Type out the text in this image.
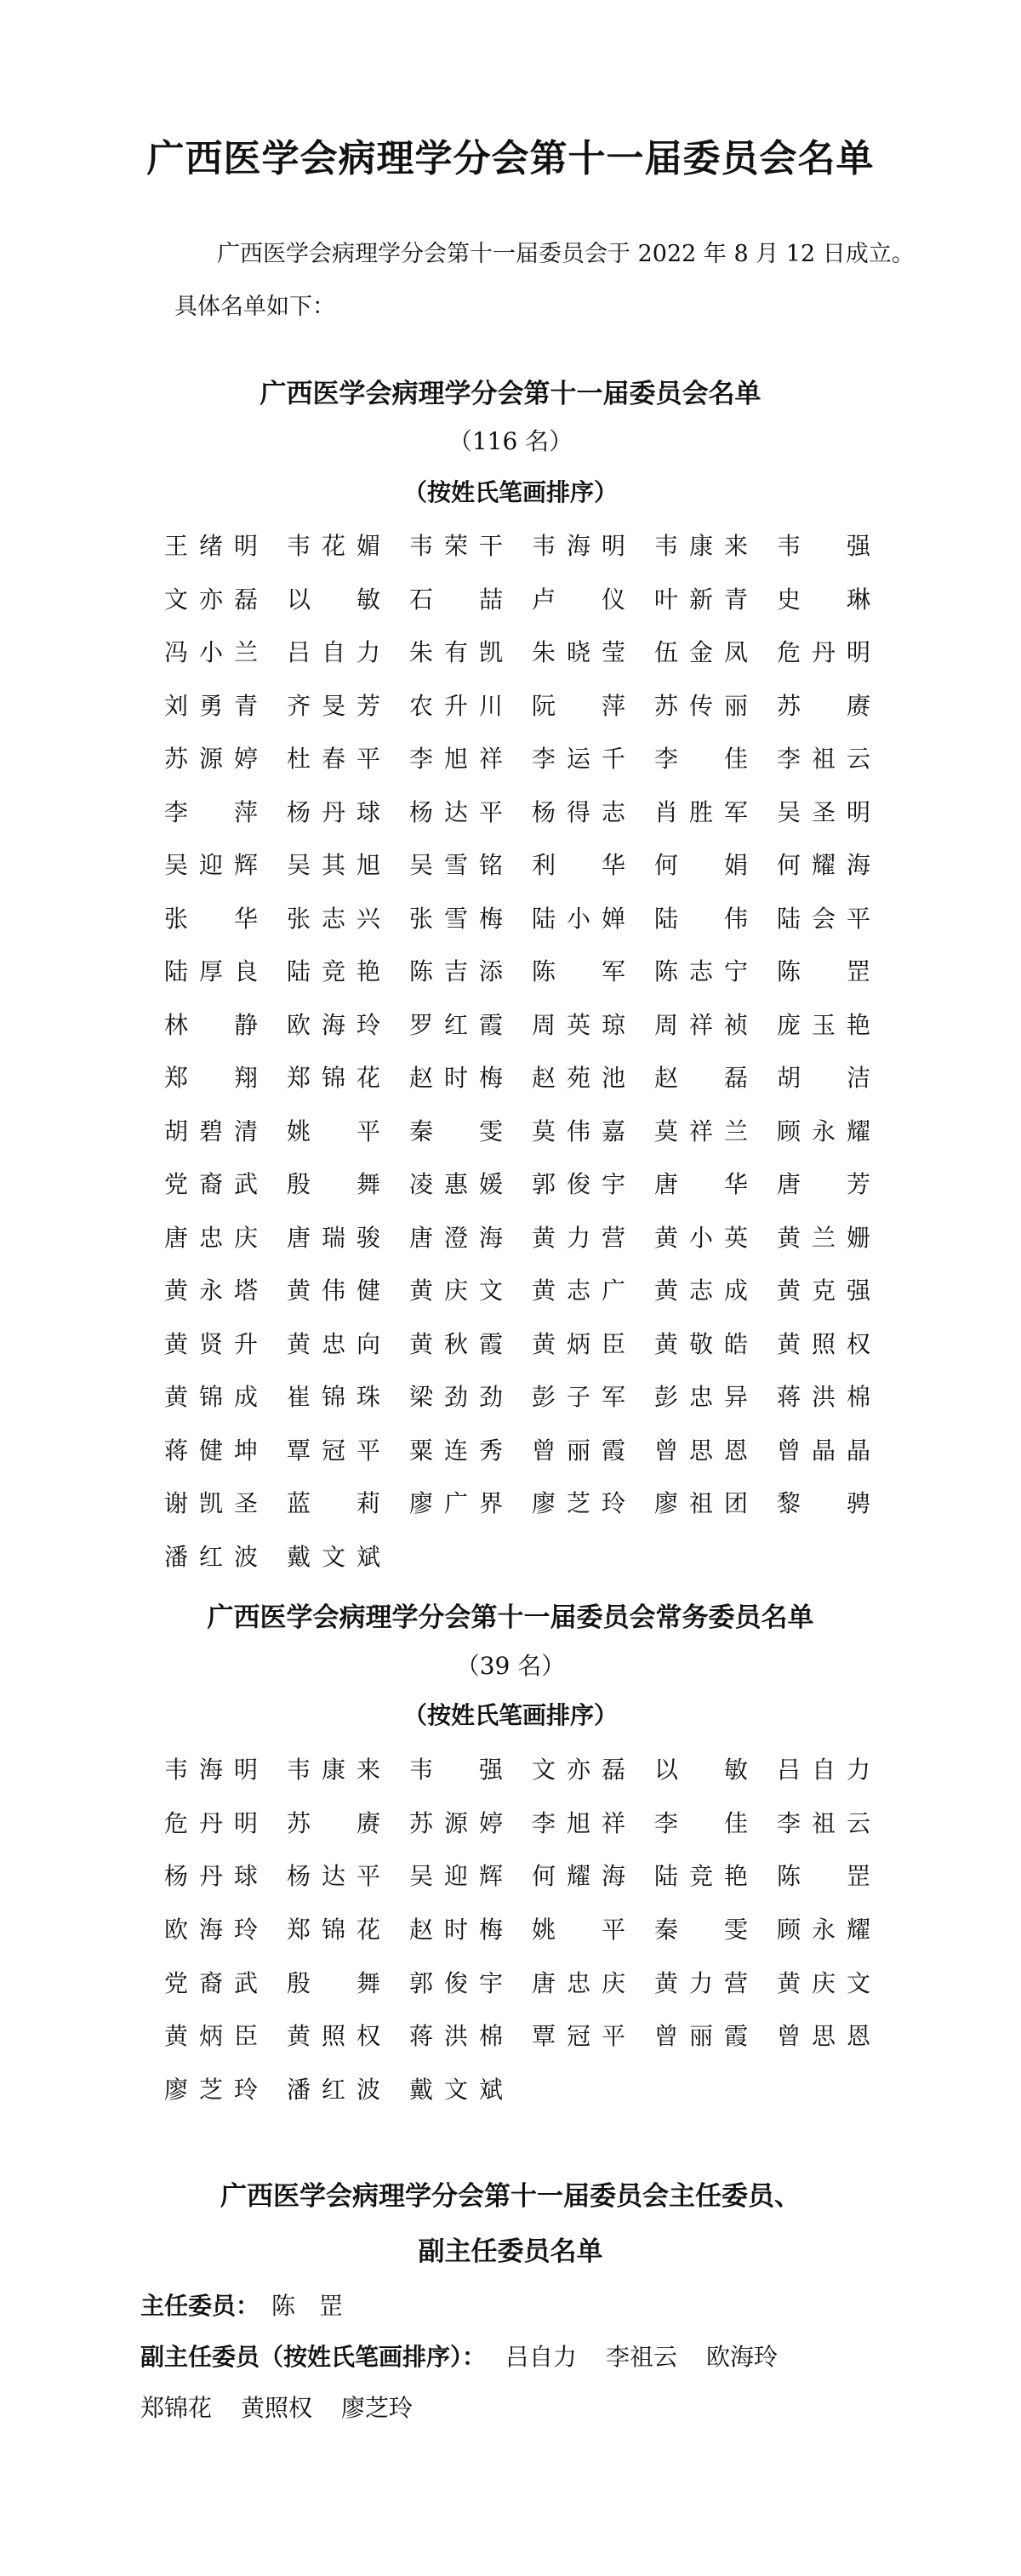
广西医学会病理学分会第十一届委员会名单
广西医学会病理学分会第十一届委员会于 2022 年 8 月 12 日成立。具体名单如下：
广西医学会病理学分会第十一届委员会名单
（116 名）
（按姓氏笔画排序）
王绪明 韦花媚 韦荣干 韦海明 韦康来 韦　强
文亦磊 以　敏 石　喆 卢　仪 叶新青 史　琳
冯小兰 吕自力 朱有凯 朱晓莹 伍金凤 危丹明
刘勇青 齐旻芳 农升川 阮　萍 苏传丽 苏　赓
苏源婷 杜春平 李旭祥 李运千 李　佳 李祖云
李　萍 杨丹球 杨达平 杨得志 肖胜军 吴圣明
吴迎辉 吴其旭 吴雪铭 利　华 何　娟 何耀海
张　华 张志兴 张雪梅 陆小婵 陆　伟 陆会平
陆厚良 陆竞艳 陈吉添 陈　军 陈志宁 陈　罡
林　静 欧海玲 罗红霞 周英琼 周祥祯 庞玉艳
郑　翔 郑锦花 赵时梅 赵苑池 赵　磊 胡　洁
胡碧清 姚　平 秦　雯 莫伟嘉 莫祥兰 顾永耀
党裔武 殷　舞 凌惠媛 郭俊宇 唐　华 唐　芳
唐忠庆 唐瑞骏 唐澄海 黄力营 黄小英 黄兰姗
黄永塔 黄伟健 黄庆文 黄志广 黄志成 黄克强
黄贤升 黄忠向 黄秋霞 黄炳臣 黄敬皓 黄照权
黄锦成 崔锦珠 梁劲劲 彭子军 彭忠异 蒋洪棉
蒋健坤 覃冠平 粟连秀 曾丽霞 曾思恩 曾晶晶
谢凯圣 蓝　莉 廖广界 廖芝玲 廖祖团 黎　骋
潘红波 戴文斌
广西医学会病理学分会第十一届委员会常务委员名单
（39 名）
（按姓氏笔画排序）
韦海明 韦康来 韦　强 文亦磊 以　敏 吕自力
危丹明 苏　赓 苏源婷 李旭祥 李　佳 李祖云
杨丹球 杨达平 吴迎辉 何耀海 陆竞艳 陈　罡
欧海玲 郑锦花 赵时梅 姚　平 秦　雯 顾永耀
党裔武 殷　舞 郭俊宇 唐忠庆 黄力营 黄庆文
黄炳臣 黄照权 蒋洪棉 覃冠平 曾丽霞 曾思恩
廖芝玲 潘红波 戴文斌
广西医学会病理学分会第十一届委员会主任委员、
副主任委员名单
主任委员： 陈　罡
副主任委员（按姓氏笔画排序）： 吕自力 李祖云 欧海玲
郑锦花 黄照权 廖芝玲
